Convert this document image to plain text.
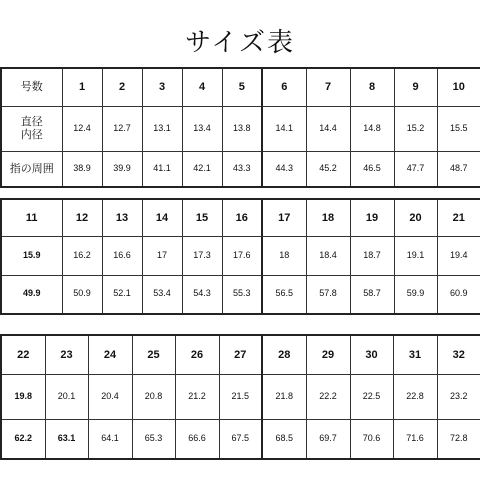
サイズ表
号数	1	2	3	4	5	6	7	8	9	10

直径
内径	12.4	12.7	13.1	13.4	13.8	14.1	14.4	14.8	15.2	15.5
指の周囲	38.9	39.9	41.1	42.1	43.3	44.3	45.2	46.5	47.7	48.7
11	12	13	14	15	16	17	18	19	20	21
15.9	16.2	16.6	17	17.3	17.6	18	18.4	18.7	19.1	19.4
49.9	50.9	52.1	53.4	54.3	55.3	56.5	57.8	58.7	59.9	60.9
22	23	24	25	26	27	28	29	30	31	32
19.8	20.1	20.4	20.8	21.2	21.5	21.8	22.2	22.5	22.8	23.2
62.2	63.1	64.1	65.3	66.6	67.5	68.5	69.7	70.6	71.6	72.8
